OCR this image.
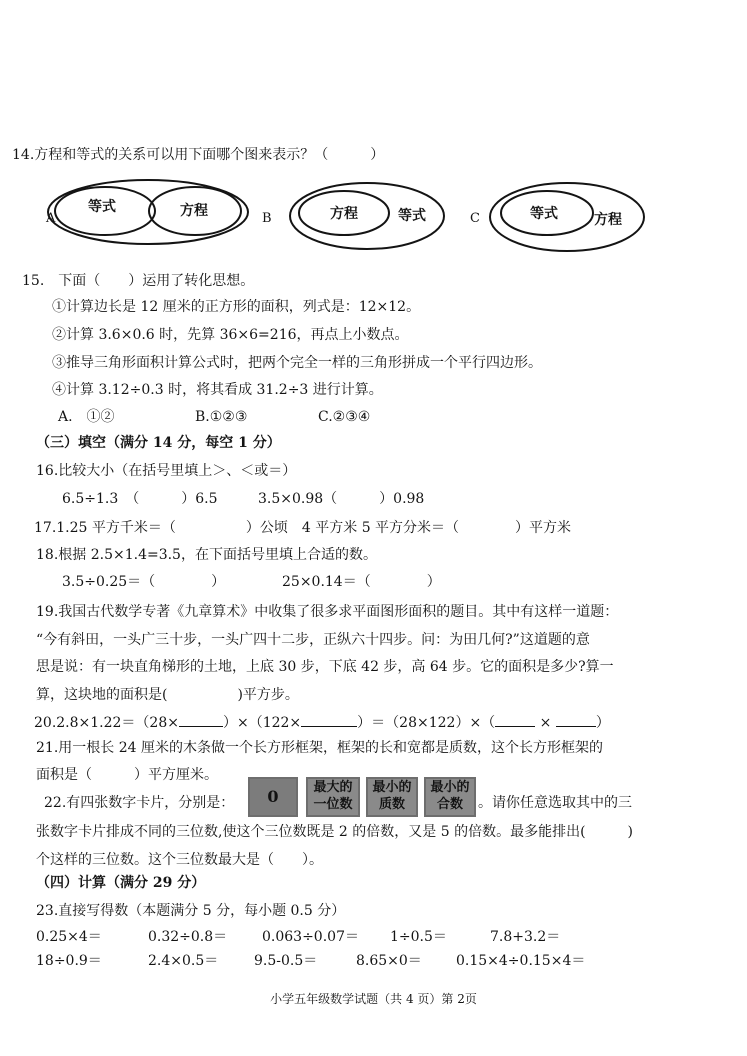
14.方程和等式的关系可以用下面哪个图来表示？（　　　）
A
等式	方程	B	方程	等式	C	等式	方程
15.　下面（　　）运用了转化思想。
①计算边长是 12 厘米的正方形的面积，列式是：12×12。
②计算 3.6×0.6 时，先算 36×6=216，再点上小数点。
③推导三角形面积计算公式时，把两个完全一样的三角形拼成一个平行四边形。
④计算 3.12÷0.3 时，将其看成 31.2÷3 进行计算。
A.　①②	B.①②③	C.②③④
（三）填空（满分 14 分，每空 1 分）
16.比较大小（在括号里填上＞、＜或＝）
6.5÷1.3　（　　　）6.5	3.5×0.98（　　　）0.98
17.1.25 平方千米＝（　　　　　）公顷　4 平方米 5 平方分米＝（　　　　）平方米
18.根据 2.5×1.4=3.5，在下面括号里填上合适的数。
3.5÷0.25＝（　　　　）	25×0.14＝（　　　　）
19.我国古代数学专著《九章算术》中收集了很多求平面图形面积的题目。其中有这样一道题：
“今有斜田，一头广三十步，一头广四十二步，正纵六十四步。问：为田几何?”这道题的意
思是说：有一块直角梯形的土地，上底 30 步，下底 42 步，高 64 步。它的面积是多少?算一
算，这块地的面积是(　　　　　)平方步。
20.2.8×1.22＝（28×	）×（122×	）＝（28×122）×（	×	）
21.用一根长 24 厘米的木条做一个长方形框架，框架的长和宽都是质数，这个长方形框架的
面积是（　　　）平方厘米。
22.有四张数字卡片，分别是：	0	最大的
一位数
最小的
质数
最小的
合数	。请你任意选取其中的三
张数字卡片排成不同的三位数,使这个三位数既是 2 的倍数，又是 5 的倍数。最多能排出(　　　)
个这样的三位数。这个三位数最大是（　　）。
（四）计算（满分 29 分）
23.直接写得数（本题满分 5 分，每小题 0.5 分）
0.25×4＝	0.32÷0.8＝ 0.063÷0.07＝ 1÷0.5＝	7.8+3.2＝
18÷0.9＝	2.4×0.5＝	9.5-0.5＝	8.65×0＝ 0.15×4÷0.15×4＝
小学五年级数学试题（共 4 页）第 2页
